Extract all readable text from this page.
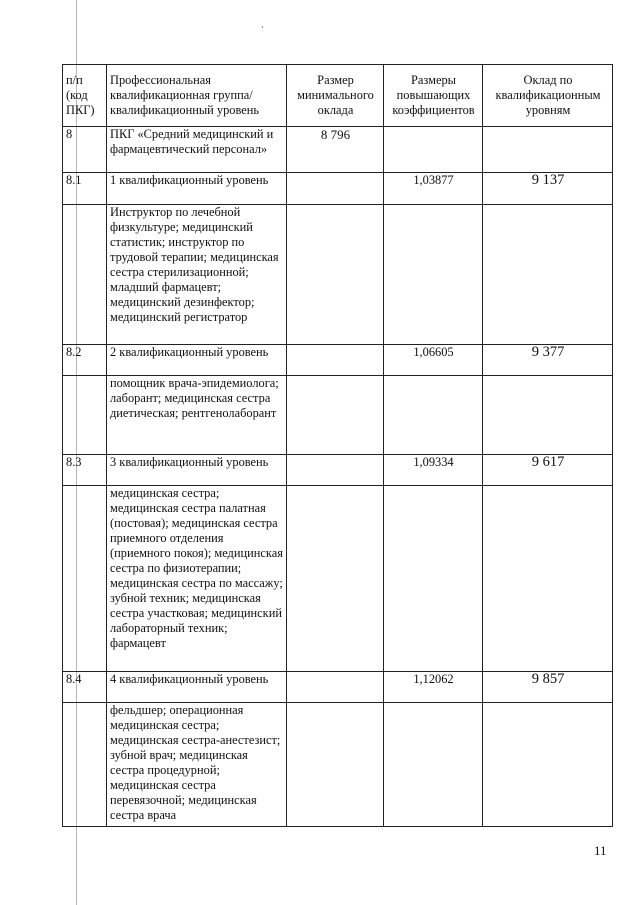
п/п (код ПКГ)	Профессиональная квалификационная группа/квалификационный уровень	Размер минимального оклада	Размеры повышающих коэффициентов	Оклад по квалификационным уровням
8	ПКГ «Средний медицинский и фармацевтический персонал»	8 796		
8.1	1 квалификационный уровень		1,03877	9 137
	Инструктор по лечебной физкультуре; медицинский статистик; инструктор по трудовой терапии; медицинская сестра стерилизационной; младший фармацевт; медицинский дезинфектор; медицинский регистратор			
8.2	2 квалификационный уровень		1,06605	9 377
	помощник врача-эпидемиолога; лаборант; медицинская сестра диетическая; рентгенолаборант			
8.3	3 квалификационный уровень		1,09334	9 617
	медицинская сестра; медицинская сестра палатная (постовая); медицинская сестра приемного отделения (приемного покоя); медицинская сестра по физиотерапии; медицинская сестра по массажу; зубной техник; медицинская сестра участковая; медицинский лабораторный техник; фармацевт			
8.4	4 квалификационный уровень		1,12062	9 857
	фельдшер; операционная медицинская сестра; медицинская сестра-анестезист; зубной врач; медицинская сестра процедурной; медицинская сестра перевязочной; медицинская сестра врача			
11
